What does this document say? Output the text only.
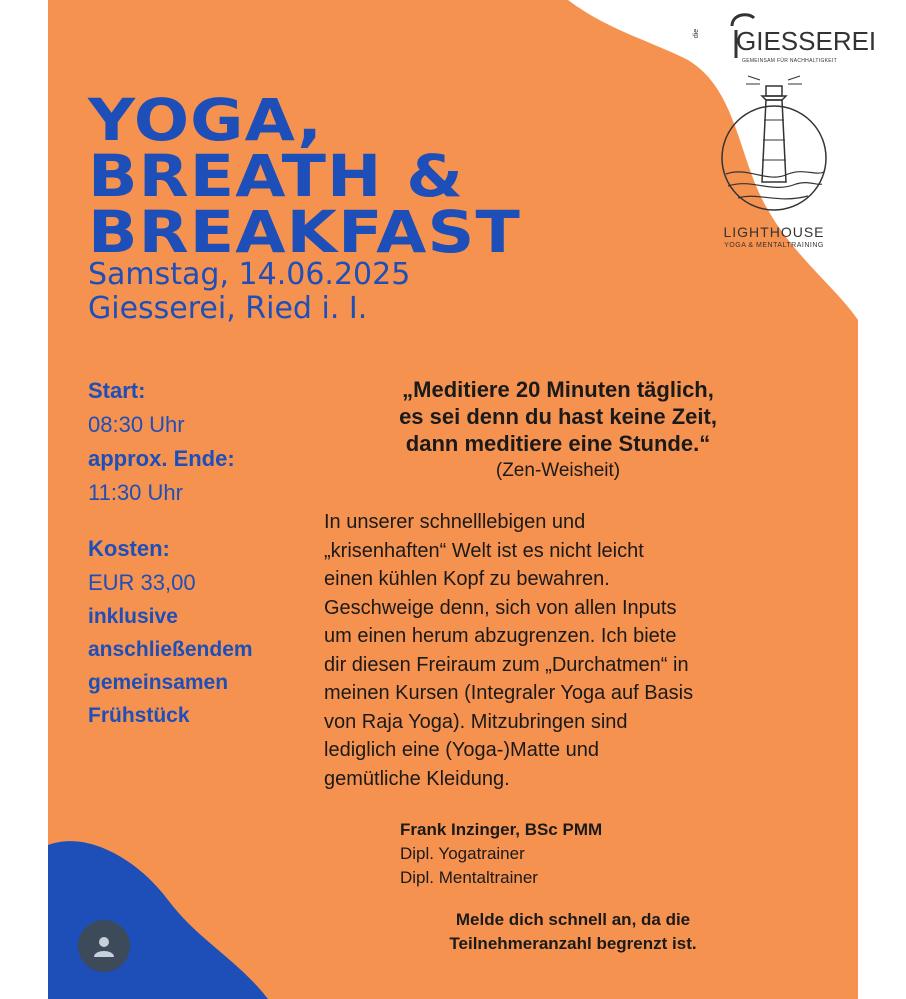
die GIESSEREI
GEMEINSAM FÜR NACHHALTIGKEIT
LIGHTHOUSE
YOGA & MENTALTRAINING
YOGA,
BREATH &
BREAKFAST
Samstag, 14.06.2025
Giesserei, Ried i. I.
Start:
08:30 Uhr
approx. Ende:
11:30 Uhr
Kosten:
EUR 33,00
inklusive
anschließendem
gemeinsamen
Frühstück
„Meditiere 20 Minuten täglich,
es sei denn du hast keine Zeit,
dann meditiere eine Stunde.“
(Zen-Weisheit)
In unserer schnelllebigen und
„krisenhaften“ Welt ist es nicht leicht
einen kühlen Kopf zu bewahren.
Geschweige denn, sich von allen Inputs
um einen herum abzugrenzen. Ich biete
dir diesen Freiraum zum „Durchatmen“ in
meinen Kursen (Integraler Yoga auf Basis
von Raja Yoga). Mitzubringen sind
lediglich eine (Yoga-)Matte und
gemütliche Kleidung.
Frank Inzinger, BSc PMM
Dipl. Yogatrainer
Dipl. Mentaltrainer
Melde dich schnell an, da die
Teilnehmeranzahl begrenzt ist.
